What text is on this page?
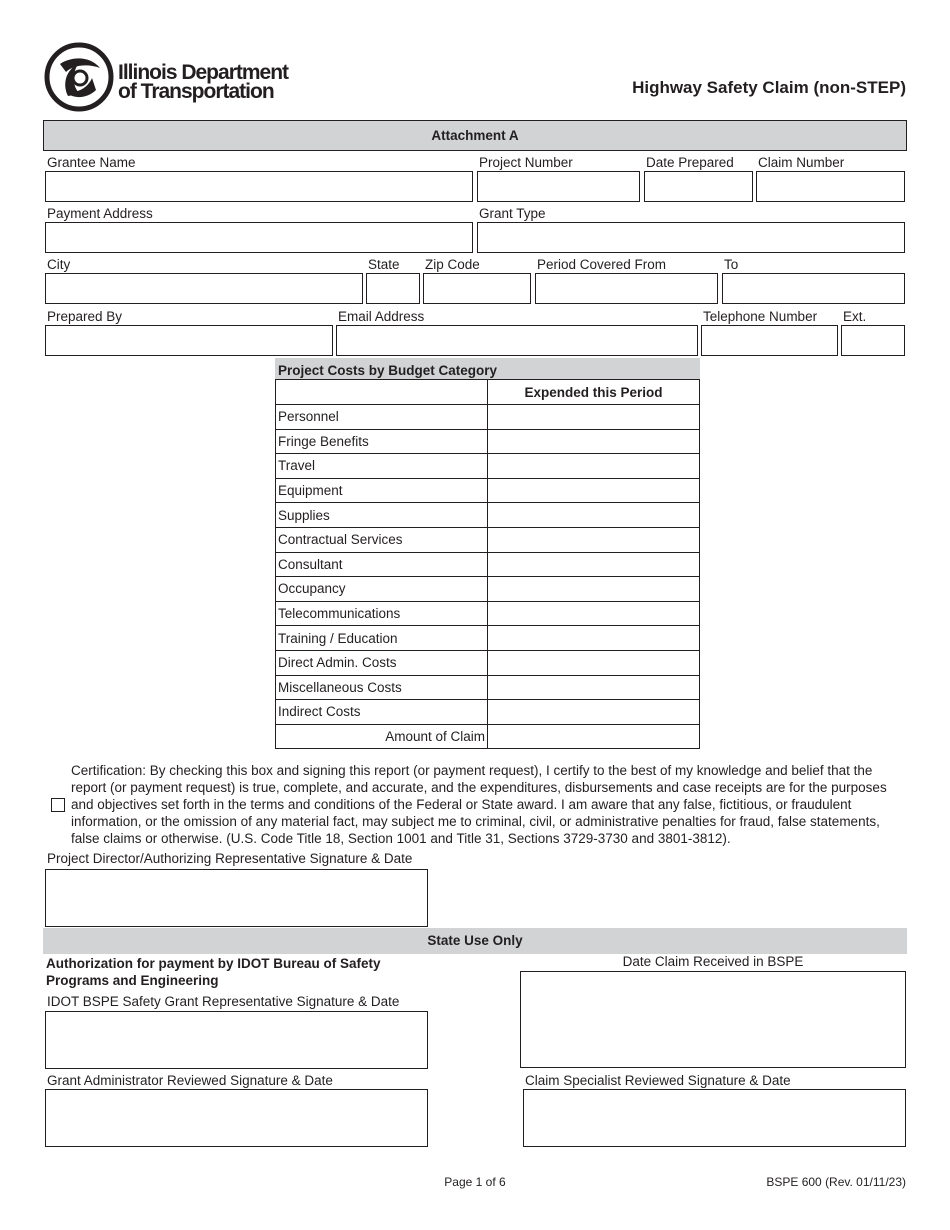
Illinois Department
of Transportation	Highway Safety Claim (non-STEP)
Attachment A
Grantee Name	Project Number	Date Prepared Claim Number
Payment Address	Grant Type
City	State Zip Code	Period Covered From	To
Prepared By	Email Address	Telephone Number Ext.
Project Costs by Budget Category	
	Expended this Period
Personnel	
Fringe Benefits	
Travel	
Equipment	
Supplies	
Contractual Services	
Consultant	
Occupancy	
Telecommunications	
Training / Education	
Direct Admin. Costs	
Miscellaneous Costs	
Indirect Costs	
Amount of Claim	
Certification: By checking this box and signing this report (or payment request), I certify to the best of my knowledge and belief that the report (or payment request) is true, complete, and accurate, and the expenditures, disbursements and case receipts are for the purposes and objectives set forth in the terms and conditions of the Federal or State award. I am aware that any false, fictitious, or fraudulent information, or the omission of any material fact, may subject me to criminal, civil, or administrative penalties for fraud, false statements, false claims or otherwise. (U.S. Code Title 18, Section 1001 and Title 31, Sections 3729-3730 and 3801-3812).
Project Director/Authorizing Representative Signature & Date
State Use Only
Authorization for payment by IDOT Bureau of Safety
Programs and Engineering
Date Claim Received in BSPE
IDOT BSPE Safety Grant Representative Signature & Date
Grant Administrator Reviewed Signature & Date	Claim Specialist Reviewed Signature & Date
Page 1 of 6	BSPE 600 (Rev. 01/11/23)
